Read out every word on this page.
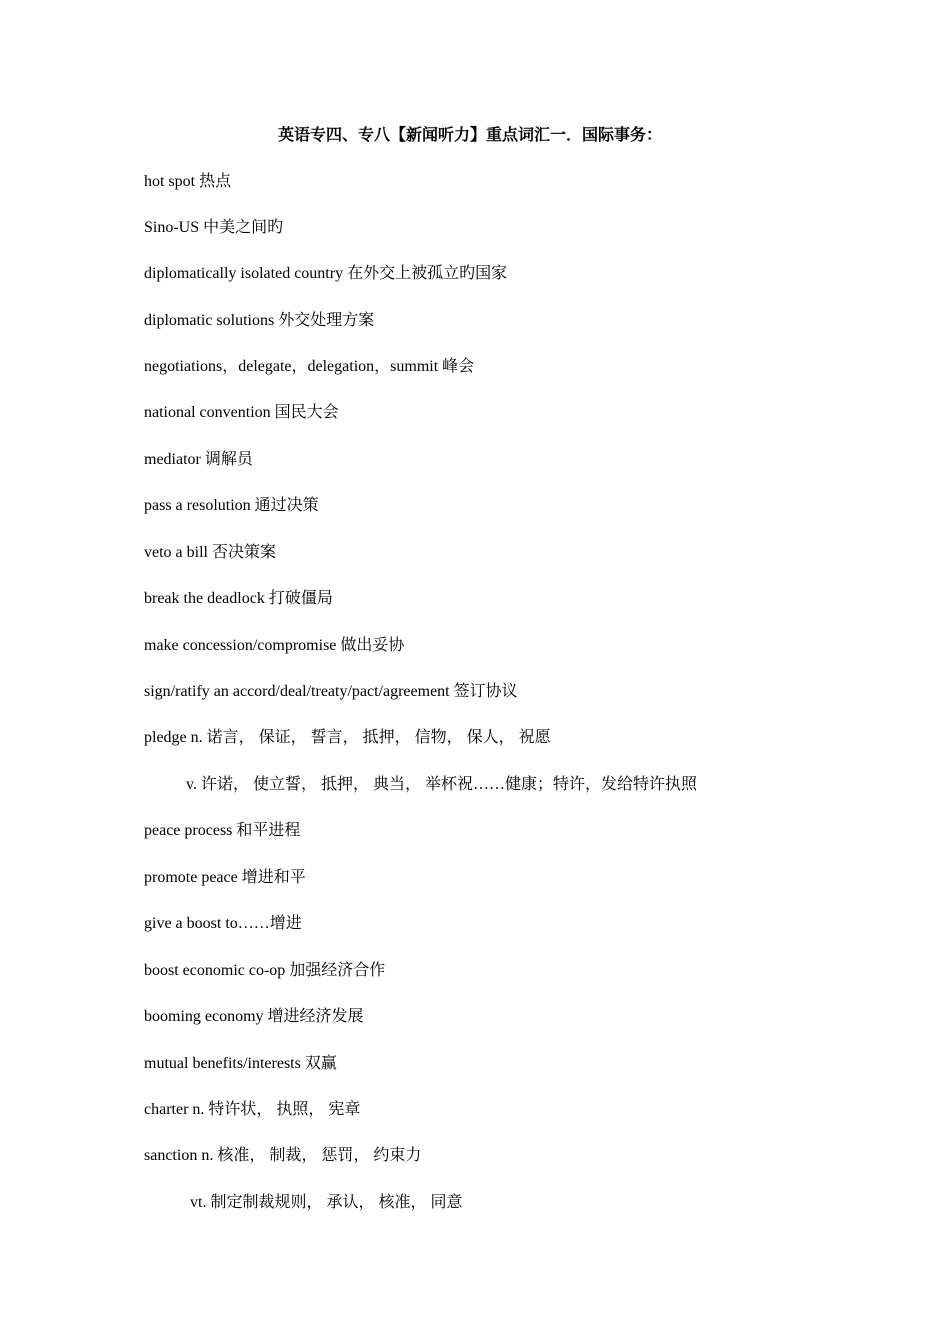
英语专四、专八【新闻听力】重点词汇一．国际事务：
hot spot 热点
Sino-US 中美之间旳
diplomatically isolated country 在外交上被孤立旳国家
diplomatic solutions 外交处理方案
negotiations，delegate，delegation，summit 峰会
national convention 国民大会
mediator 调解员
pass a resolution 通过决策
veto a bill 否决策案
break the deadlock 打破僵局
make concession/compromise 做出妥协
sign/ratify an accord/deal/treaty/pact/agreement 签订协议
pledge n. 诺言， 保证， 誓言， 抵押， 信物， 保人， 祝愿
v. 许诺， 使立誓， 抵押， 典当， 举杯祝……健康；特许，发给特许执照
peace process 和平进程
promote peace 增进和平
give a boost to……增进
boost economic co-op 加强经济合作
booming economy 增进经济发展
mutual benefits/interests 双赢
charter n. 特许状， 执照， 宪章
sanction n. 核准， 制裁， 惩罚， 约束力
vt. 制定制裁规则， 承认， 核准， 同意
